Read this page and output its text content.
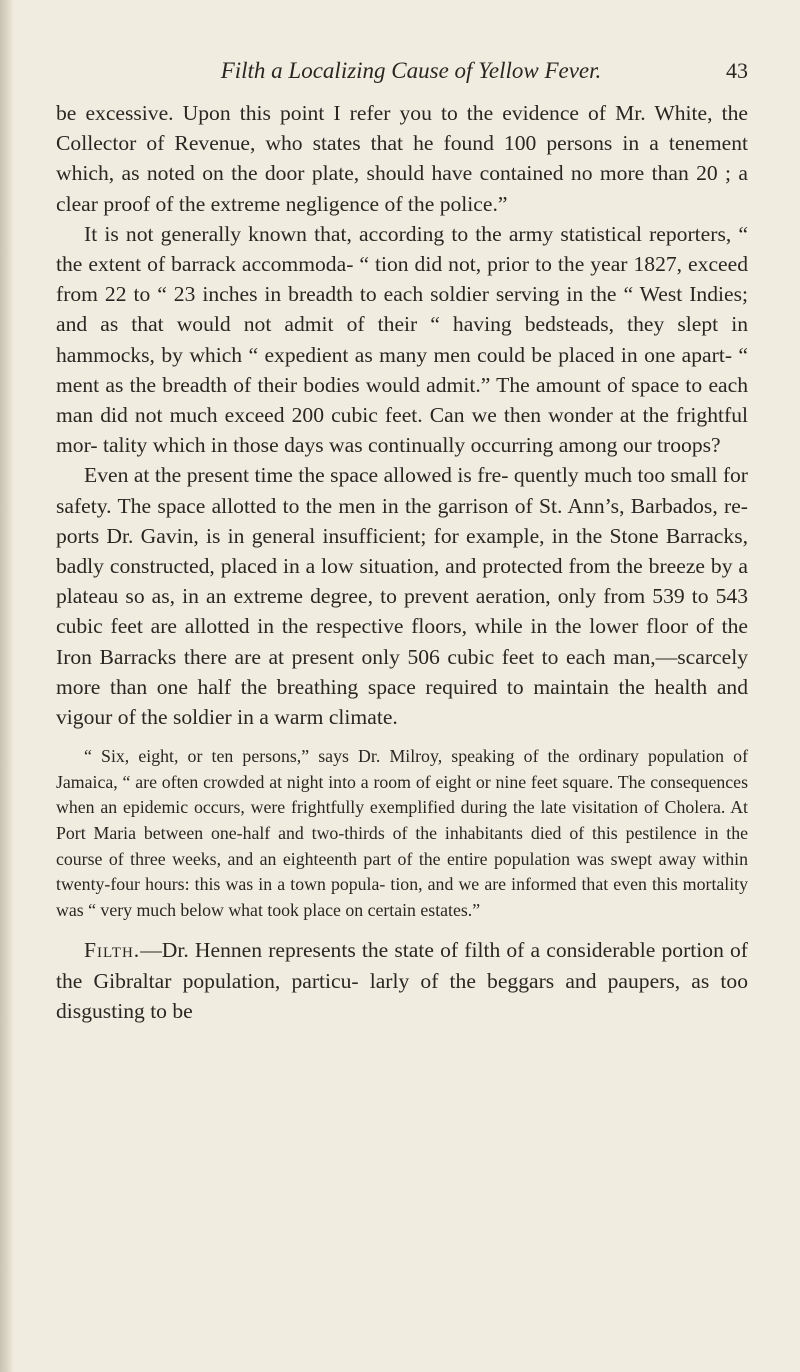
Filth a Localizing Cause of Yellow Fever.	43

be excessive. Upon this point I refer you to the evidence of Mr. White, the Collector of Revenue, who states that he found 100 persons in a tenement which, as noted on the door plate, should have contained no more than 20 ; a clear proof of the extreme negligence of the police.”

It is not generally known that, according to the army statistical reporters, “ the extent of barrack accommoda- “ tion did not, prior to the year 1827, exceed from 22 to “ 23 inches in breadth to each soldier serving in the “ West Indies; and as that would not admit of their “ having bedsteads, they slept in hammocks, by which “ expedient as many men could be placed in one apart- “ ment as the breadth of their bodies would admit.” The amount of space to each man did not much exceed 200 cubic feet. Can we then wonder at the frightful mor- tality which in those days was continually occurring among our troops?

Even at the present time the space allowed is fre- quently much too small for safety. The space allotted to the men in the garrison of St. Ann’s, Barbados, re- ports Dr. Gavin, is in general insufficient; for example, in the Stone Barracks, badly constructed, placed in a low situation, and protected from the breeze by a plateau so as, in an extreme degree, to prevent aeration, only from 539 to 543 cubic feet are allotted in the respective floors, while in the lower floor of the Iron Barracks there are at present only 506 cubic feet to each man,—scarcely more than one half the breathing space required to maintain the health and vigour of the soldier in a warm climate.

“ Six, eight, or ten persons,” says Dr. Milroy, speaking of the ordinary population of Jamaica, “ are often crowded at night into a room of eight or nine feet square. The consequences when an epidemic occurs, were frightfully exemplified during the late visitation of Cholera. At Port Maria between one-half and two-thirds of the inhabitants died of this pestilence in the course of three weeks, and an eighteenth part of the entire population was swept away within twenty-four hours: this was in a town popula- tion, and we are informed that even this mortality was “ very much below what took place on certain estates.”

Filth.—Dr. Hennen represents the state of filth of a considerable portion of the Gibraltar population, particu- larly of the beggars and paupers, as too disgusting to be
